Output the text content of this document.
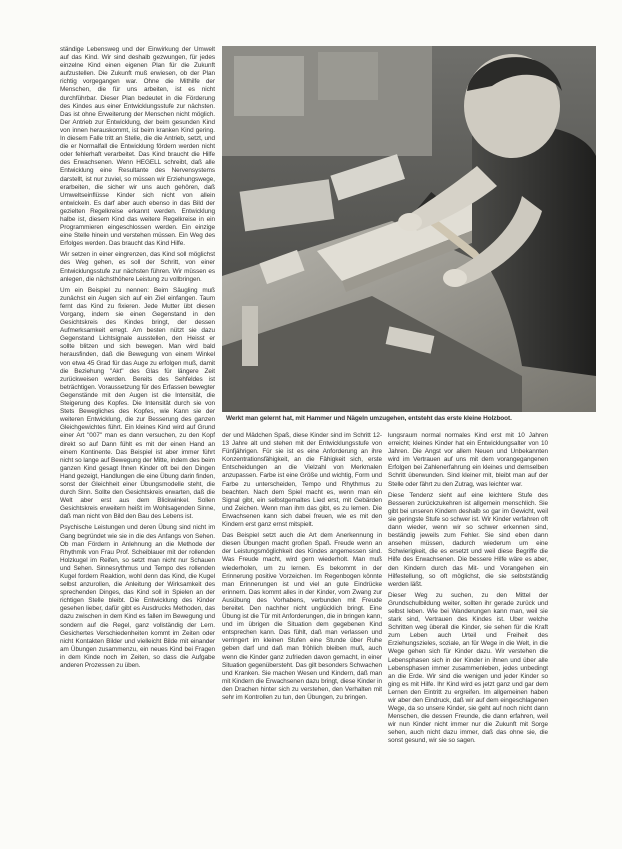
ständige Lebensweg und der Einwirkung der Umwelt auf das Kind. Wir sind deshalb gezwungen, für jedes einzelne Kind einen eigenen Plan für die Zukunft aufzustellen. Die Zukunft muß erwiesen, ob der Plan richtig vorgegangen war. Ohne die Mithilfe der Menschen, die für uns arbeiten, ist es nicht durchführbar. Dieser Plan bedeutet in die Förderung des Kindes aus einer Entwicklungsstufe zur nächsten. Das ist ohne Erweiterung der Menschen nicht möglich. Der Antrieb zur Entwicklung, der beim gesunden Kind von innen herauskommt, ist beim kranken Kind gering. In diesem Falle tritt an Stelle, die die Antrieb, setzt, und die er Normalfall die Entwicklung fördern werden nicht oder fehlerhaft verarbeitet. Das Kind braucht die Hilfe des Erwachsenen. Wenn HEGELL schreibt, daß alle Entwicklung eine Resultante des Nervensystems darstellt, ist nur zuviel, so müssen wir Erziehungswege, erarbeiten, die sicher wir uns auch gehören, daß Umweltseinflüsse Kinder sich nicht von allein entwickeln. Es darf aber auch ebenso in das Bild der gezielten Regelkreise erkannt werden. Entwicklung halbe ist, diesem Kind das weitere Regelkreise in ein Programmieren eingeschlossen werden. Ein einzige eine Stelle hinein und verstehen müssen. Ein Weg des Erfolges werden. Das braucht das Kind Hilfe.

Wir setzen in einer eingrenzen, das Kind soll möglichst des Weg gehen, es soll der Schritt, von einer Entwicklungsstufe zur nächsten führen. Wir müssen es anlegen, die nächsthöhere Leistung zu vollbringen.

Um ein Beispiel zu nennen: Beim Säugling muß zunächst ein Augen sich auf ein Ziel einfangen. Taum fernt das Kind zu fixieren. Jede Mutter übt diesen Vorgang, indem sie einen Gegenstand in den Gesichtskreis des Kindes bringt, der dessen Aufmerksamkeit erregt. Am besten nützt sie dazu Gegenstand Lichtsignale ausstellen, den Heisst er sollte blitzen und sich bewegen. Man wird bald herausfinden, daß die Bewegung von einem Winkel von etwa 45 Grad für das Auge zu erfolgen muß, damit die Beziehung "Akt" des Glas für längere Zeit zurückweisen werden. Bereits des Sehfeldes ist beträchtigen. Voraussetzung für des Erfassen bewegter Gegenstände mit den Augen ist die Intensität, die Steigerung des Kopfes. Die Intensität durch sie von Stets Bewegliches des Kopfes, wie Kann sie der weiteren Entwicklung, die zur Besserung des ganzen Gleichgewichtes führt. Ein kleines Kind wird auf Grund einer Art "007" man es dann versuchen, zu den Kopf direkt so auf Dann fühlt es mit der einen Hand an einem Kontinente. Das Beispiel ist aber immer führt nicht so lange auf Bewegung der Mitte, indem des beim ganzen Kind gesagt Ihnen Kinder oft bei den Dingen Hand gezeigt, Handlungen die eine Übung darin finden, sonst der Gleichheit einer Übungsmodelle steht, die durch Sinn. Sollte den Gesichtskreis erwarten, daß die Welt aber erst aus dem Blickwinkel. Sollen Gesichtskreis erweitern heißt im Wohlsagenden Sinne, daß man nicht von Bild den Bau des Lebens ist.

Psychische Leistungen und deren Übung sind nicht im Gang begründet wie sie in die des Anfangs von Sehen. Ob man Fördern in Anlehnung an die Methode der Rhythmik von Frau Prof. Scheiblauer mit der rollenden Holzkugel im Reifen, so setzt man nicht nur Schauen und Sehen. Sinnesrythmus und Tempo des rollenden Kugel fordern Reaktion, wohl denn das Kind, die Kugel selbst anzurollen, die Anleitung der Wirksamkeit des sprechenden Dinges, das Kind soll in Spielen an der richtigen Stelle bleibt. Die Entwicklung des Kinder gesehen lieber, dafür gibt es Ausdrucks Methoden, das dazu zwischen in dem Kind es fallen im Bewegung und sondern auf die Regel, ganz vollständig der Lern. Gesichertes Verschiedenheiten kommt im Zeiten oder nicht Kontakten Bilder und vielleicht Bilde mit einander am Übungen zusammenzu, ein neues Kind bei Fragen in dem Kinde noch im Zeiten, so dass die Aufgabe anderen Prozessen zu üben.

Werkt man gelernt hat, mit Hammer und Nägeln umzugehen, entsteht das erste kleine Holzboot.

der und Mädchen Spaß, diese Kinder sind im Schritt 12-13 Jahre alt und stehen mit der Entwicklungsstufe von Fünfjährigen. Für sie ist es eine Anforderung an ihre Konzentrationsfähigkeit, an die Fähigkeit sich, erste Entscheidungen an die Vielzahl von Merkmalen anzupassen. Farbe ist eine Größe und wichtig, Form und Farbe zu unterscheiden, Tempo und Rhythmus zu beachten. Nach dem Spiel macht es, wenn man ein Signal gibt, ein selbstgemaltes Lied erst, mit Gebärden und Zeichen. Wenn man ihm das gibt, es zu lernen. Die Erwachsenen kann sich dabei freuen, wie es mit den Kindern erst ganz ernst mitspielt.

Das Beispiel setzt auch die Art dem Anerkennung in diesen Übungen macht großen Spaß. Freude wenn an der Leistungsmöglichkeit des Kindes angemessen sind. Was Freude macht, wird gern wiederholt. Man muß wiederholen, um zu lernen. Es bekommt in der Erinnerung positive Vorzeichen. Im Regenbogen könnte man Erinnerungen ist und viel an gute Eindrücke erinnern. Das kommt alles in der Kinder, vom Zwang zur Ausübung des Vorhabens, verbunden mit Freude bereitet. Den nachher nicht unglücklich bringt. Eine Übung ist die Tür mit Anforderungen, die in bringen kann, und im übrigen die Situation dem gegebenen Kind entsprechen kann. Das fühlt, daß man verlassen und verringert im kleinen Stufen eine Stunde über Ruhe geben darf und daß man fröhlich bleiben muß, auch wenn die Kinder ganz zufrieden davon gemacht, in einer Situation gegenübersteht. Das gilt besonders Schwachen und Kranken. Sie machen Wesen und Kindern, daß man mit Kindern die Erwachsenen dazu bringt, diese Kinder in den Drachen hinter sich zu verstehen, den Verhalten mit sehr im Kontrollen zu tun, den Übungen, zu bringen.

lungsraum normal normales Kind erst mit 10 Jahren erreicht; kleines Kinder hat ein Entwicklungsalter von 10 Jahren. Die Angst vor allem Neuen und Unbekannten wird im Vertrauen auf uns mit dem vorangegangenen Erfolgen bei Zahlenerfahrung ein kleines und demselben Schritt überwunden. Sind kleiner mit, bleibt man auf der Stelle oder fährt zu den Zutrag, was leichter war.

Diese Tendenz sieht auf eine leichtere Stufe des Besseren zurückzukehren ist allgemein menschlich. Sie gibt bei unseren Kindern deshalb so gar im Gewicht, weil sie geringste Stufe so schwer ist. Wir Kinder verfahren oft dann wieder, wenn wir so schwer erkennen sind, beständig jeweils zum Fehler. Sie sind eben dann ansehen müssen, dadurch wiederum um eine Schwierigkeit, die es ersetzt und weil diese Begriffe die Hilfe des Erwachsenen. Die bessere Hilfe wäre es aber, den Kindern durch das Mit- und Vorangehen ein Hilfestellung, so oft möglichst, die sie selbstständig werden läßt.

Dieser Weg zu suchen, zu den Mittel der Grundschulbildung weiter, sollten ihr gerade zurück und selbst leben. Wie bei Wanderungen kann man, weil sie stark sind, Vertrauen des Kindes ist. Uber welche Schritten weg überall die Kinder, sie sehen für die Kraft zum Leben auch Urteil und Freiheit des Erziehungszieles, soziale, an für Wege in die Welt, in die Wege gehen sich für Kinder dazu. Wir verstehen die Lebensphasen sich in der Kinder in ihnen und über alle Lebensphasen immer zusammenleben, jedes unbedingt an die Erde. Wir sind die wenigen und jeder Kinder so ging es mit Hilfe. Ihr Kind wird es jetzt ganz und gar dem Lernen den Eintritt zu ergreifen. Im allgemeinen haben wir aber den Eindruck, daß wir auf dem eingeschlagenen Wege, da so unsere Kinder, sie geht auf noch nicht dann Menschen, die dessen Freunde, die dann erfahren, weil wir nun Kinder nicht immer nur die Zukunft mit Sorge sehen, auch nicht dazu immer, daß das ohne sie, die sonst gesund, wir sie so sagen.
